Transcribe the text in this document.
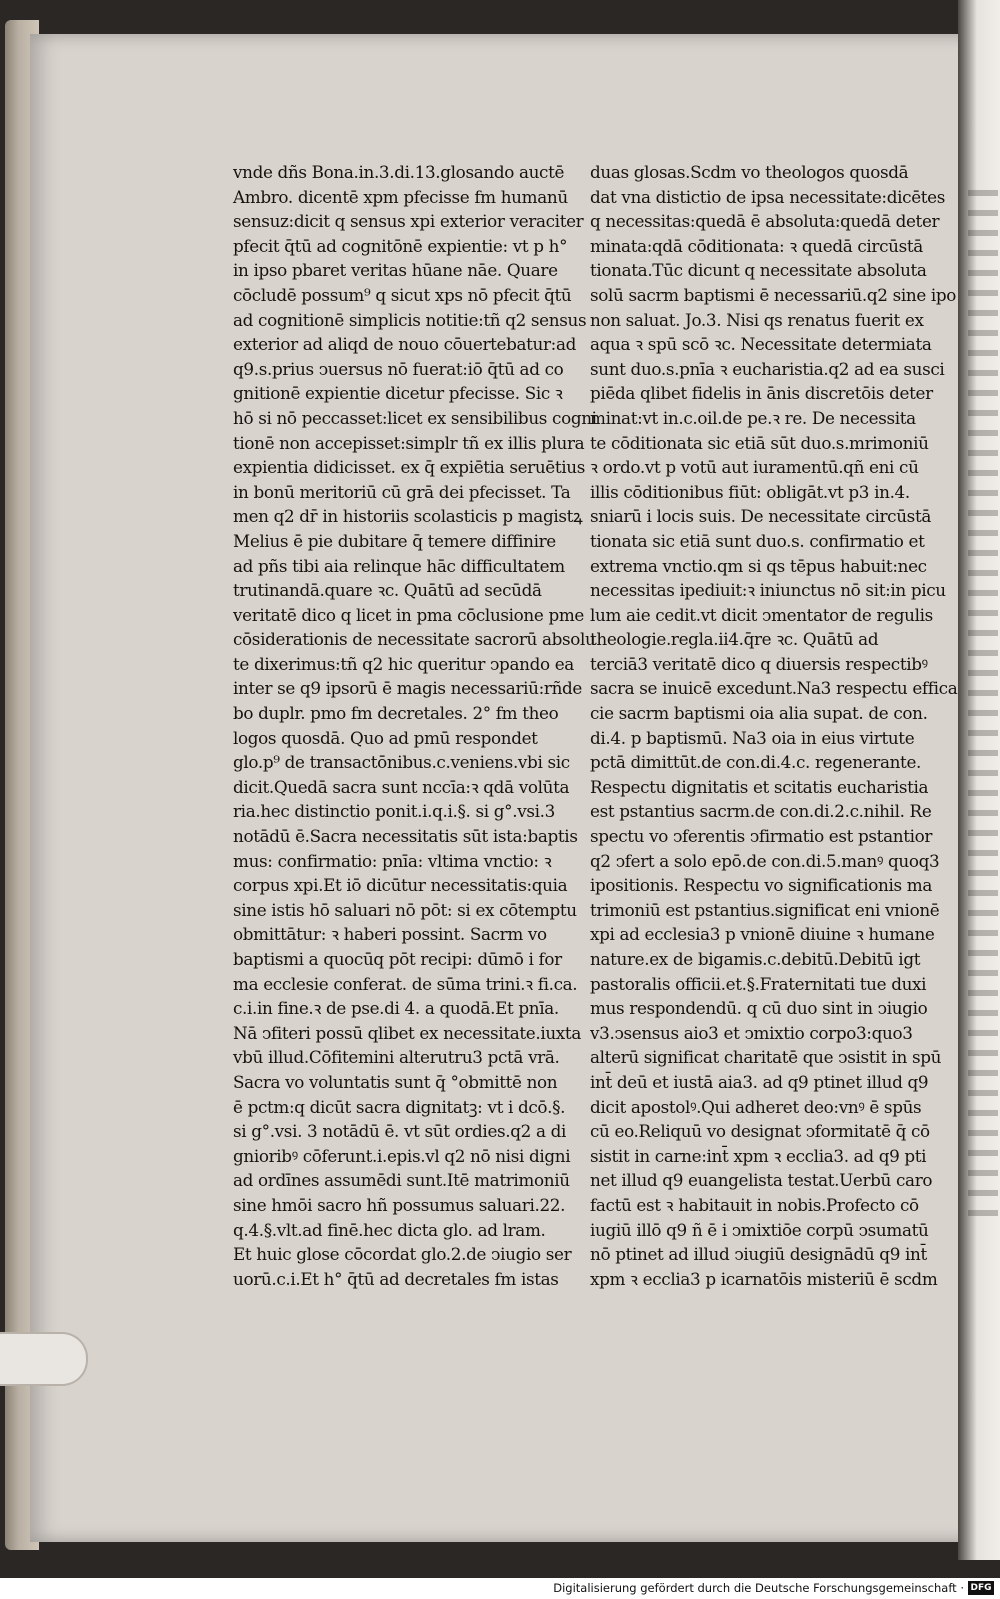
vnde dñs Bona.in.3.di.13.glosando auctē
Ambro. dicentē xpm pfecisse fm humanū
sensuz:dicit q sensus xpi exterior veraciter
pfecit q̄tū ad cognitōnē expientie: vt p h°
in ipso pbaret veritas hūane nāe. Quare
cōcludē possum⁹ q sicut xps nō pfecit q̄tū
ad cognitionē simplicis notitie:tñ q2 sensus
exterior ad aliqd de nouo cōuertebatur:ad
q9.s.prius ↄuersus nō fuerat:iō q̄tū ad co
gnitionē expientie dicetur pfecisse. Sic ꝛ
hō si nō peccasset:licet ex sensibilibus cogni
tionē non accepisset:simplr tñ ex illis plura
expientia didicisset. ex q̄ expiētia seruētius
in bonū meritoriū cū grā dei pfecisset. Ta
men q2 dr̄ in historiis scolasticis p magistꝝ
Melius ē pie dubitare q̄ temere diffinire
ad pñs tibi aia relinque hāc difficultatem
trutinandā.quare ꝛc. Quātū ad secūdā
veritatē dico q licet in pma cōclusione pme
cōsiderationis de necessitate sacrorū absolu
te dixerimus:tñ q2 hic queritur ↄpando ea
inter se q9 ipsorū ē magis necessariū:rñde
bo duplr. pmo fm decretales. 2° fm theo
logos quosdā. Quo ad pmū respondet
glo.p⁹ de transactōnibus.c.veniens.vbi sic
dicit.Quedā sacra sunt nccīa:ꝛ qdā volūta
ria.hec distinctio ponit.i.q.i.§. si g°.vsi.3
notādū ē.Sacra necessitatis sūt ista:baptis
mus: confirmatio: pnīa: vltima vnctio: ꝛ
corpus xpi.Et iō dicūtur necessitatis:quia
sine istis hō saluari nō pōt: si ex cōtemptu
obmittātur: ꝛ haberi possint. Sacrm vo
baptismi a quocūq pōt recipi: dūmō i for
ma ecclesie conferat. de sūma trini.ꝛ fi.ca.
c.i.in fine.ꝛ de pse.di 4. a quodā.Et pnīa.
Nā ↄfiteri possū qlibet ex necessitate.iuxta
vbū illud.Cōfitemini alterutru3 pctā vrā.
Sacra vo voluntatis sunt q̄ °obmittē non
ē pctm:q dicūt sacra dignitatꝫ: vt i dcō.§.
si g°.vsi. 3 notādū ē. vt sūt ordies.q2 a di
gnioribꝰ cōferunt.i.epis.vl q2 nō nisi digni
ad ordīnes assumēdi sunt.Itē matrimoniū
sine hmōi sacro hñ possumus saluari.22.
q.4.§.vlt.ad finē.hec dicta glo. ad lram.
Et huic glose cōcordat glo.2.de ↄiugio ser
uorū.c.i.Et h° q̄tū ad decretales fm istas
duas glosas.Scdm vo theologos quosdā
dat vna distictio de ipsa necessitate:dicētes
q necessitas:quedā ē absoluta:quedā deter
minata:qdā cōditionata: ꝛ quedā circūstā
tionata.Tūc dicunt q necessitate absoluta
solū sacrm baptismi ē necessariū.q2 sine ipo
non saluat. Jo.3. Nisi qs renatus fuerit ex
aqua ꝛ spū scō ꝛc. Necessitate determiata
sunt duo.s.pnīa ꝛ eucharistia.q2 ad ea susci
piēda qlibet fidelis in ānis discretōis deter
minat:vt in.c.oil.de pe.ꝛ re. De necessita
te cōditionata sic etiā sūt duo.s.mrimoniū
ꝛ ordo.vt p votū aut iuramentū.qñ eni cū
illis cōditionibus fiūt: obligāt.vt p3 in.4.
sniarū i locis suis. De necessitate circūstā
tionata sic etiā sunt duo.s. confirmatio et
extrema vnctio.qm si qs tēpus habuit:nec
necessitas ipediuit:ꝛ iniunctus nō sit:in picu
lum aie cedit.vt dicit ↄmentator de regulis
theologie.regla.ii4.q̄re ꝛc. Quātū ad
terciā3 veritatē dico q diuersis respectibꝰ
sacra se inuicē excedunt.Na3 respectu effica
cie sacrm baptismi oia alia supat. de con.
di.4. p baptismū. Na3 oia in eius virtute
pctā dimittūt.de con.di.4.c. regenerante.
Respectu dignitatis et scitatis eucharistia
est pstantius sacrm.de con.di.2.c.nihil. Re
spectu vo ↄferentis ↄfirmatio est pstantior
q2 ↄfert a solo epō.de con.di.5.manꝰ quoq3
ipositionis. Respectu vo significationis ma
trimoniū est pstantius.significat eni vnionē
xpi ad ecclesia3 p vnionē diuine ꝛ humane
nature.ex de bigamis.c.debitū.Debitū igt
pastoralis officii.et.§.Fraternitati tue duxi
mus respondendū. q cū duo sint in ↄiugio
v3.ↄsensus aio3 et ↄmixtio corpo3:quo3
alterū significat charitatē que ↄsistit in spū
int̄ deū et iustā aia3. ad q9 ptinet illud q9
dicit apostolꝰ.Qui adheret deo:vnꝰ ē spūs
cū eo.Reliquū vo designat ↄformitatē q̄ cō
sistit in carne:int̄ xpm ꝛ ecclia3. ad q9 pti
net illud q9 euangelista testat.Uerbū caro
factū est ꝛ habitauit in nobis.Profecto cō
iugiū illō q9 ñ ē i ↄmixtiōe corpū ↄsumatū
nō ptinet ad illud ↄiugiū designādū q9 int̄
xpm ꝛ ecclia3 p icarnatōis misteriū ē scdm
Digitalisierung gefördert durch die Deutsche Forschungsgemeinschaft · DFG
